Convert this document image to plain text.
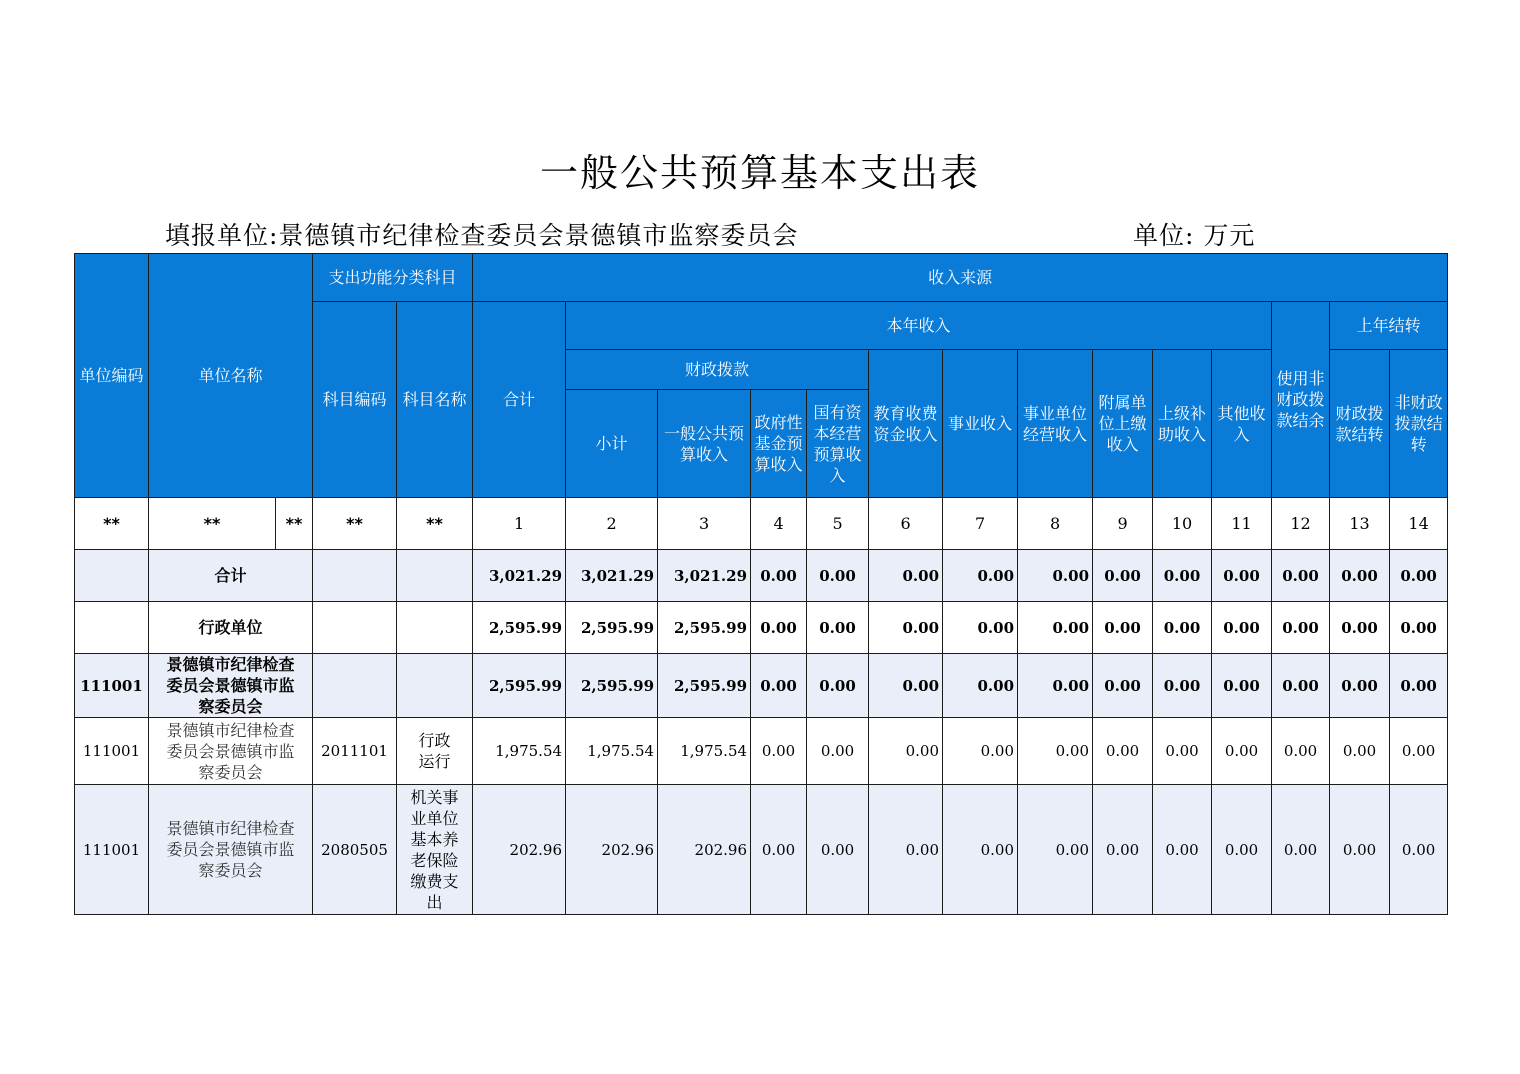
一般公共预算基本支出表
填报单位:景德镇市纪律检查委员会景德镇市监察委员会	单位: 万元
单位编码	单位名称		支出功能分类科目		收入来源													
			科目编码	科目名称	合计	本年收入										使用非财政拨款结余	上年结转	
						财政拨款				教育收费资金收入	事业收入	事业单位经营收入	附属单位上缴收入	上级补助收入	其他收入		财政拨款结转	非财政拨款结转
						小计	一般公共预算收入	政府性基金预算收入	国有资本经营预算收入									
**	**	**	**	**	1	2	3	4	5	6	7	8	9	10	11	12	13	14
	合计				3,021.29	3,021.29	3,021.29	0.00	0.00	0.00	0.00	0.00	0.00	0.00	0.00	0.00	0.00	0.00
	行政单位				2,595.99	2,595.99	2,595.99	0.00	0.00	0.00	0.00	0.00	0.00	0.00	0.00	0.00	0.00	0.00
111001	景德镇市纪律检查委员会景德镇市监察委员会				2,595.99	2,595.99	2,595.99	0.00	0.00	0.00	0.00	0.00	0.00	0.00	0.00	0.00	0.00	0.00
111001	景德镇市纪律检查委员会景德镇市监察委员会		2011101	行政运行	1,975.54	1,975.54	1,975.54	0.00	0.00	0.00	0.00	0.00	0.00	0.00	0.00	0.00	0.00	0.00
111001	景德镇市纪律检查委员会景德镇市监察委员会		2080505	机关事业单位基本养老保险缴费支出	202.96	202.96	202.96	0.00	0.00	0.00	0.00	0.00	0.00	0.00	0.00	0.00	0.00	0.00
